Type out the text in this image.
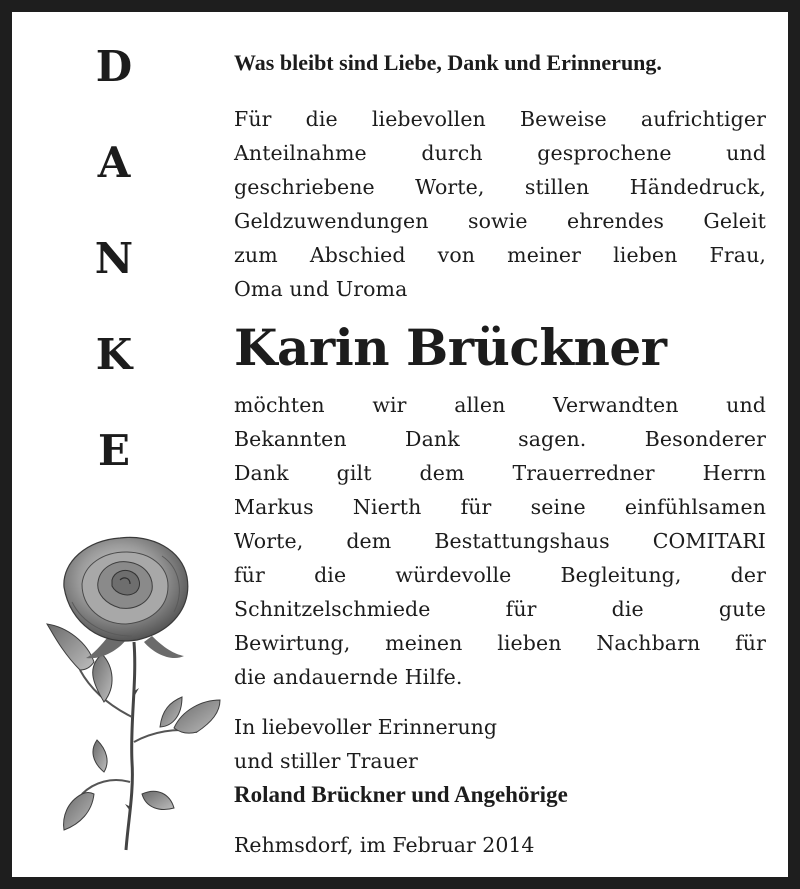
D
A
N
K
E
Was bleibt sind Liebe, Dank und Erinnerung.
Für die liebevollen Beweise aufrichtiger
Anteilnahme durch gesprochene und
geschriebene Worte, stillen Händedruck,
Geldzuwendungen sowie ehrendes Geleit
zum Abschied von meiner lieben Frau,
Oma und Uroma
Karin Brückner
möchten wir allen Verwandten und
Bekannten Dank sagen. Besonderer
Dank gilt dem Trauerredner Herrn
Markus Nierth für seine einfühlsamen
Worte, dem Bestattungshaus COMITARI
für die würdevolle Begleitung, der
Schnitzelschmiede für die gute
Bewirtung, meinen lieben Nachbarn für
die andauernde Hilfe.
In liebevoller Erinnerung
und stiller Trauer
Roland Brückner und Angehörige
Rehmsdorf, im Februar 2014
